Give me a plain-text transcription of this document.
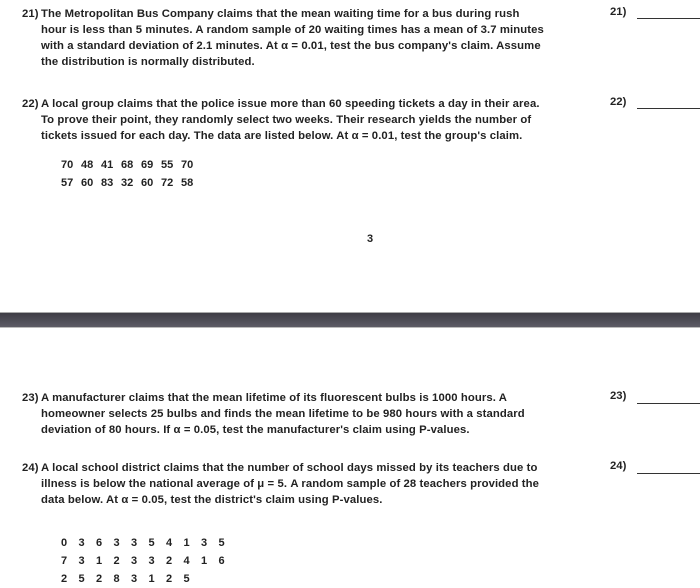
21) The Metropolitan Bus Company claims that the mean waiting time for a bus during rush
hour is less than 5 minutes. A random sample of 20 waiting times has a mean of 3.7 minutes
with a standard deviation of 2.1 minutes. At α = 0.01, test the bus company's claim. Assume
the distribution is normally distributed.
21)
22) A local group claims that the police issue more than 60 speeding tickets a day in their area.
To prove their point, they randomly select two weeks. Their research yields the number of
tickets issued for each day. The data are listed below. At α = 0.01, test the group's claim.
22)
70 48 41 68 69 55 70
57 60 83 32 60 72 58
3
23) A manufacturer claims that the mean lifetime of its fluorescent bulbs is 1000 hours. A
homeowner selects 25 bulbs and finds the mean lifetime to be 980 hours with a standard
deviation of 80 hours. If α = 0.05, test the manufacturer's claim using P-values.
23)
24) A local school district claims that the number of school days missed by its teachers due to
illness is below the national average of μ = 5. A random sample of 28 teachers provided the
data below. At α = 0.05, test the district's claim using P-values.
24)
0	3	6	3	3	5	4	1	3	5
7	3	1	2	3	3	2	4	1	6
2	5	2	8	3	1	2	5
